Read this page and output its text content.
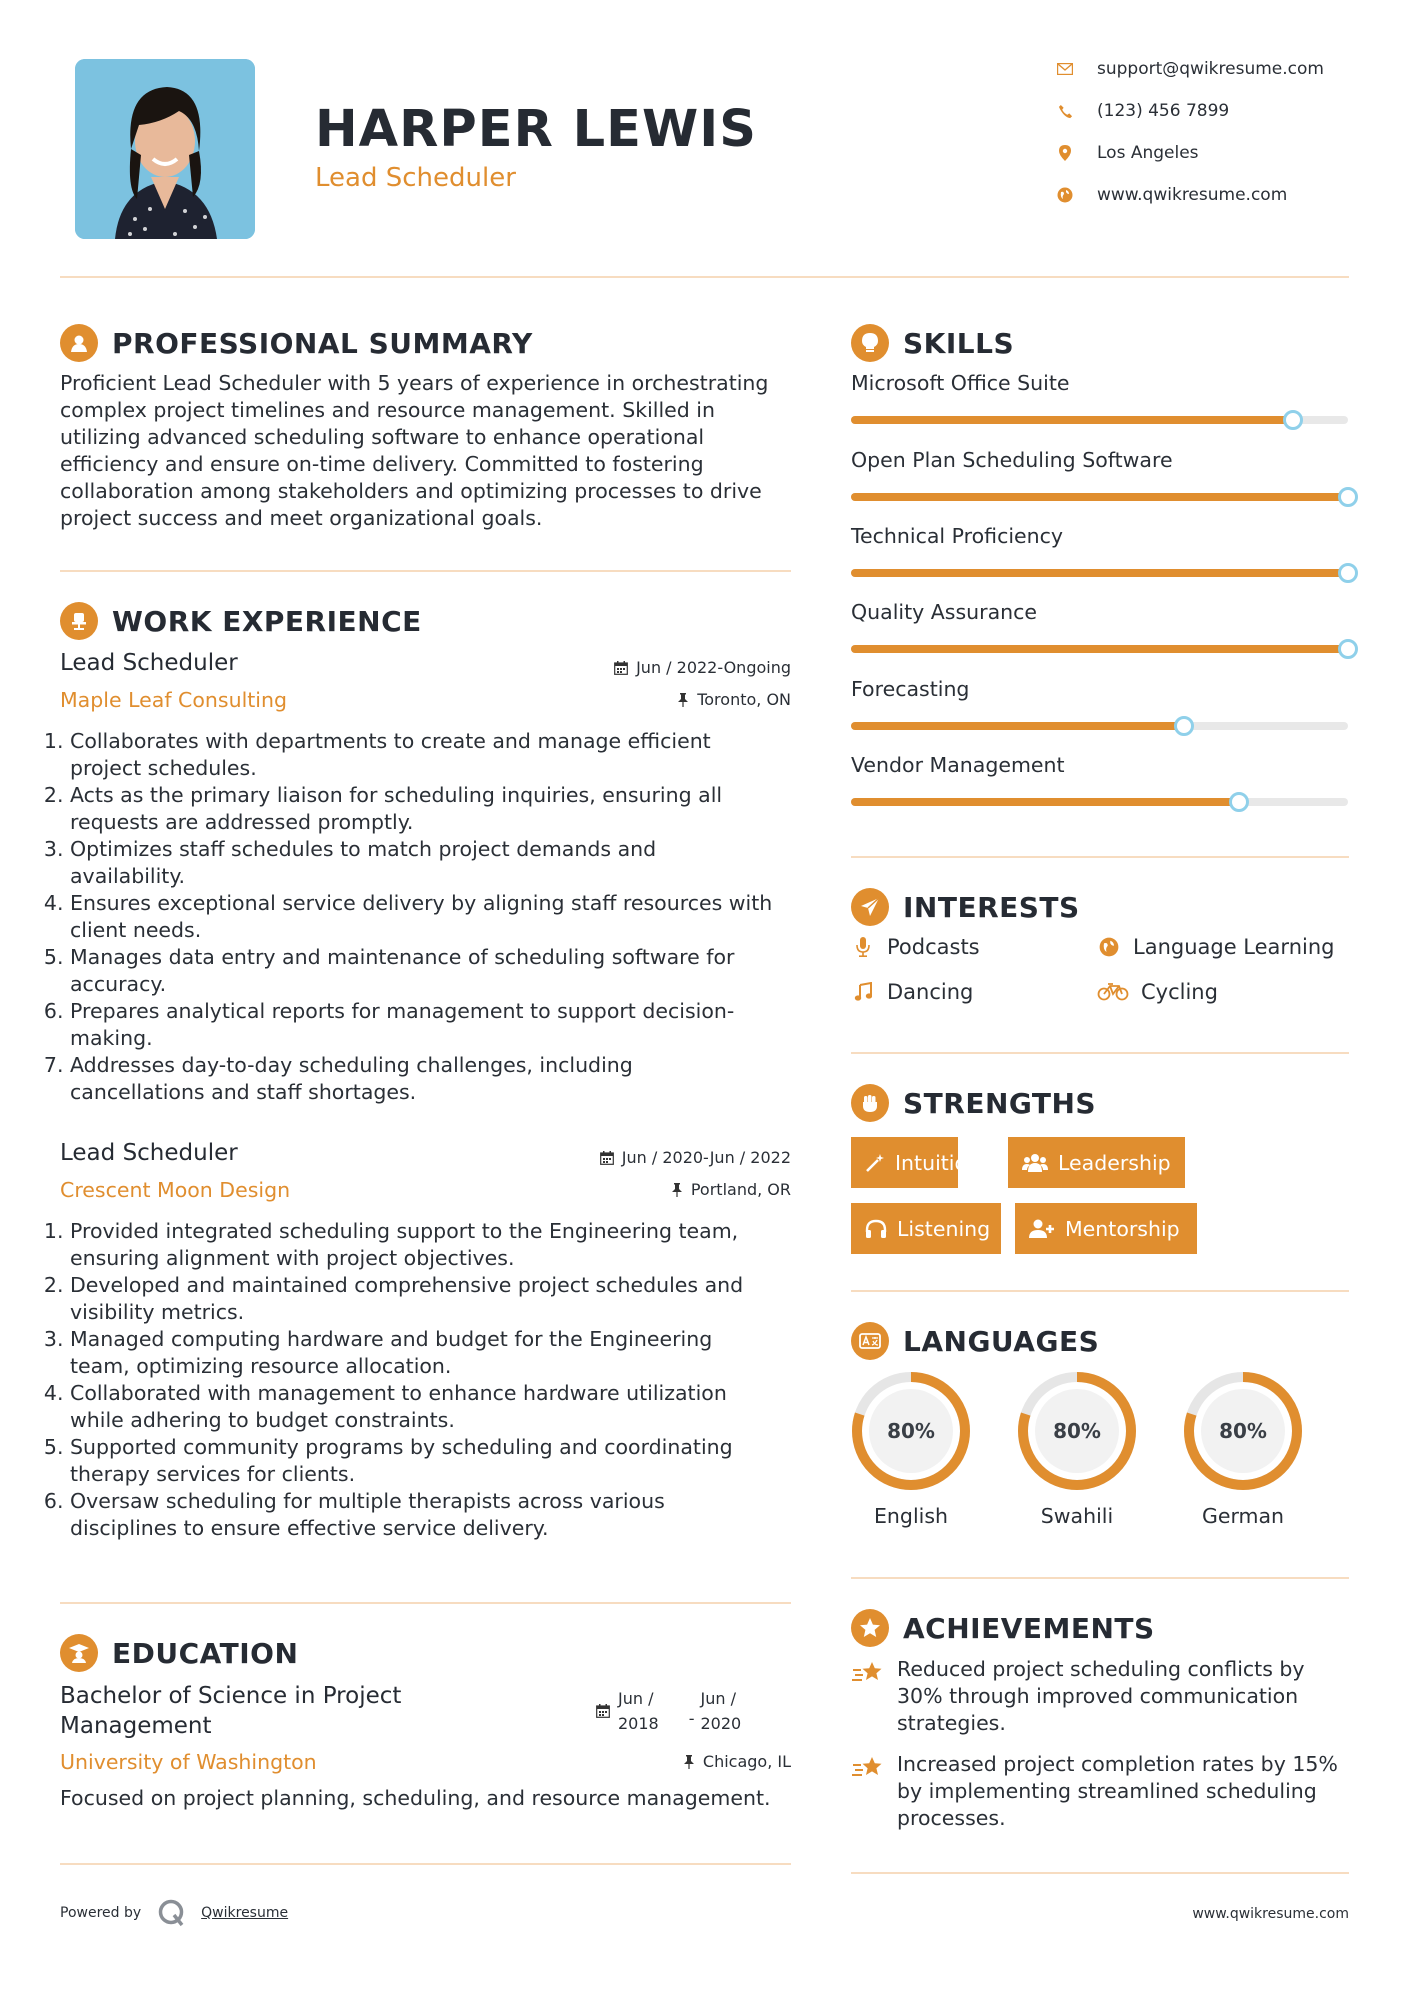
HARPER LEWIS
Lead Scheduler
support@qwikresume.com
(123) 456 7899
Los Angeles
www.qwikresume.com
PROFESSIONAL SUMMARY
Proficient Lead Scheduler with 5 years of experience in orchestrating
complex project timelines and resource management. Skilled in
utilizing advanced scheduling software to enhance operational
efficiency and ensure on-time delivery. Committed to fostering
collaboration among stakeholders and optimizing processes to drive
project success and meet organizational goals.
WORK EXPERIENCE
Lead Scheduler
Maple Leaf Consulting
Jun / 2022-Ongoing
Toronto, ON
1. Collaborates with departments to create and manage efficient
project schedules.
2. Acts as the primary liaison for scheduling inquiries, ensuring all
requests are addressed promptly.
3. Optimizes staff schedules to match project demands and
availability.
4. Ensures exceptional service delivery by aligning staff resources with
client needs.
5. Manages data entry and maintenance of scheduling software for
accuracy.
6. Prepares analytical reports for management to support decision-
making.
7. Addresses day-to-day scheduling challenges, including
cancellations and staff shortages.
Lead Scheduler
Crescent Moon Design
Jun / 2020-Jun / 2022
Portland, OR
1. Provided integrated scheduling support to the Engineering team,
ensuring alignment with project objectives.
2. Developed and maintained comprehensive project schedules and
visibility metrics.
3. Managed computing hardware and budget for the Engineering
team, optimizing resource allocation.
4. Collaborated with management to enhance hardware utilization
while adhering to budget constraints.
5. Supported community programs by scheduling and coordinating
therapy services for clients.
6. Oversaw scheduling for multiple therapists across various
disciplines to ensure effective service delivery.
EDUCATION
Bachelor of Science in Project
Management
University of Washington
Jun /
2018 -
Jun /
2020
Chicago, IL
Focused on project planning, scheduling, and resource management.
SKILLS
Microsoft Office Suite
Open Plan Scheduling Software
Technical Proficiency
Quality Assurance
Forecasting
Vendor Management
INTERESTS
Podcasts	Language Learning
Dancing	Cycling
STRENGTHS
Intuition	Leadership
Listening	Mentorship
LANGUAGES
80%
English
80%
Swahili
80%
German
ACHIEVEMENTS
Reduced project scheduling conflicts by
30% through improved communication
strategies.
Increased project completion rates by 15%
by implementing streamlined scheduling
processes.
Powered by	Qwikresume	www.qwikresume.com
